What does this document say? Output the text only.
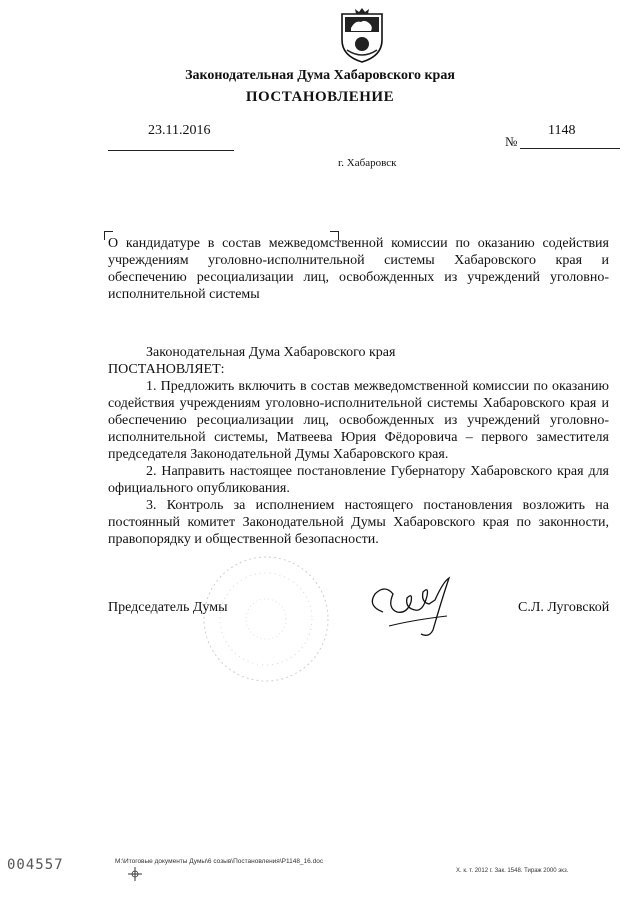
Законодательная Дума Хабаровского края
ПОСТАНОВЛЕНИЕ
23.11.2016	1148
№
г. Хабаровск
О кандидатуре в состав межведомственной комиссии по оказанию содействия учреждениям уголовно-исполнительной системы Хабаровского края и обеспечению ресоциализации лиц, освобожденных из учреждений уголовно-исполнительной системы

Законодательная Дума Хабаровского края

ПОСТАНОВЛЯЕТ:

1. Предложить включить в состав межведомственной комиссии по оказанию содействия учреждениям уголовно-исполнительной системы Хабаровского края и обеспечению ресоциализации лиц, освобожденных из учреждений уголовно-исполнительной системы, Матвеева Юрия Фёдоровича – первого заместителя председателя Законодательной Думы Хабаровского края.

2. Направить настоящее постановление Губернатору Хабаровского края для официального опубликования.

3. Контроль за исполнением настоящего постановления возложить на постоянный комитет Законодательной Думы Хабаровского края по законности, правопорядку и общественной безопасности.

Председатель Думы	С.Л. Луговской
004557	M:\Итоговые документы Думы\6 созыв\Постановления\P1148_16.doc
Х. к. т. 2012 г. Зак. 1548. Тираж 2000 экз.
